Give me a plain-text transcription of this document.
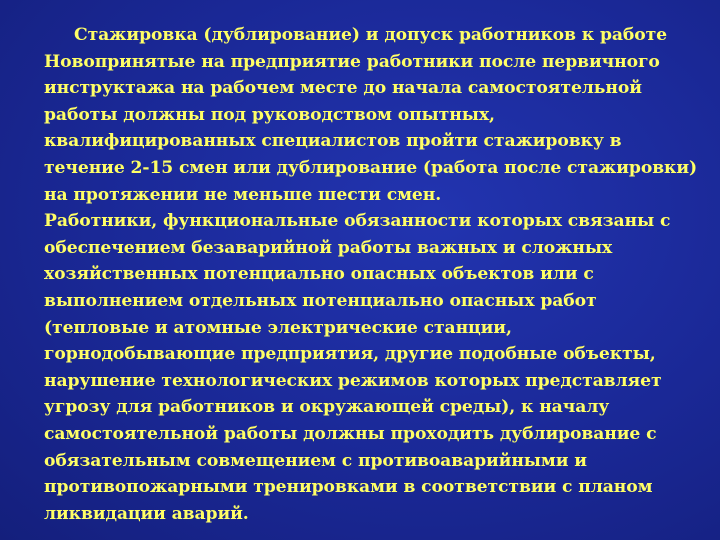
Стажировка (дублирование) и допуск работников к работе
Новопринятые на предприятие работники после первичного
инструктажа на рабочем месте до начала самостоятельной
работы должны под руководством опытных,
квалифицированных специалистов пройти стажировку в
течение 2-15 смен или дублирование (работа после стажировки)
на протяжении не меньше шести смен.
Работники, функциональные обязанности которых связаны с
обеспечением безаварийной работы важных и сложных
хозяйственных потенциально опасных объектов или с
выполнением отдельных потенциально опасных работ
(тепловые и атомные электрические станции,
горнодобывающие предприятия, другие подобные объекты,
нарушение технологических режимов которых представляет
угрозу для работников и окружающей среды), к началу
самостоятельной работы должны проходить дублирование с
обязательным совмещением с противоаварийными и
противопожарными тренировками в соответствии с планом
ликвидации аварий.
